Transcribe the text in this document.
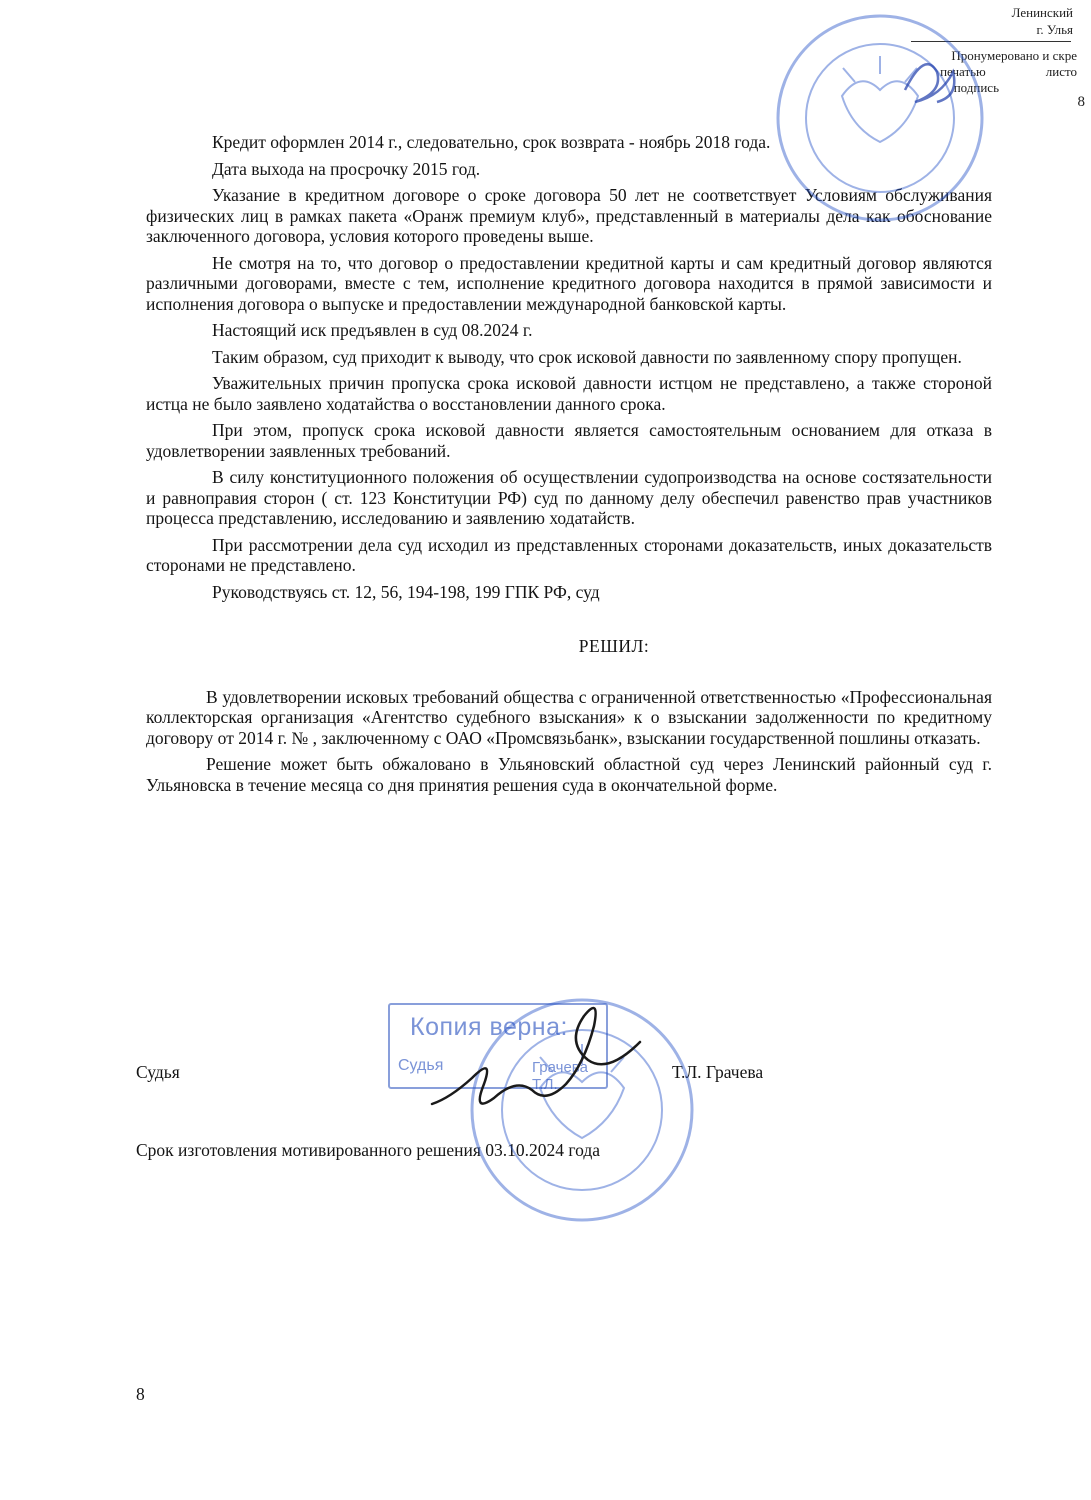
Ленинский
г. Улья
Пронумеровано и скре
печатью	листо
подпись
8

Кредит оформлен 2014 г., следовательно, срок возврата - ноябрь 2018 года.

Дата выхода на просрочку 2015 год.

Указание в кредитном договоре о сроке договора 50 лет не соответствует Условиям обслуживания физических лиц в рамках пакета «Оранж премиум клуб», представленный в материалы дела как обоснование заключенного договора, условия которого проведены выше.

Не смотря на то, что договор о предоставлении кредитной карты и сам кредитный договор являются различными договорами, вместе с тем, исполнение кредитного договора находится в прямой зависимости и исполнения договора о выпуске и предоставлении международной банковской карты.

Настоящий иск предъявлен в суд 08.2024 г.

Таким образом, суд приходит к выводу, что срок исковой давности по заявленному спору пропущен.

Уважительных причин пропуска срока исковой давности истцом не представлено, а также стороной истца не было заявлено ходатайства о восстановлении данного срока.

При этом, пропуск срока исковой давности является самостоятельным основанием для отказа в удовлетворении заявленных требований.

В силу конституционного положения об осуществлении судопроизводства на основе состязательности и равноправия сторон ( ст. 123 Конституции РФ) суд по данному делу обеспечил равенство прав участников процесса представлению, исследованию и заявлению ходатайств.

При рассмотрении дела суд исходил из представленных сторонами доказательств, иных доказательств сторонами не представлено.

Руководствуясь ст. 12, 56, 194-198, 199 ГПК РФ, суд

РЕШИЛ:

В удовлетворении исковых требований общества с ограниченной ответственностью «Профессиональная коллекторская организация «Агентство судебного взыскания» к о взыскании задолженности по кредитному договору от 2014 г. № , заключенному с ОАО «Промсвязьбанк», взыскании государственной пошлины отказать.

Решение может быть обжаловано в Ульяновский областной суд через Ленинский районный суд г. Ульяновска в течение месяца со дня принятия решения суда в окончательной форме.

Копия верна:
Судья	Грачева Т.Л.
Судья	Т.Л. Грачева
Срок изготовления мотивированного решения 03.10.2024 года
8
